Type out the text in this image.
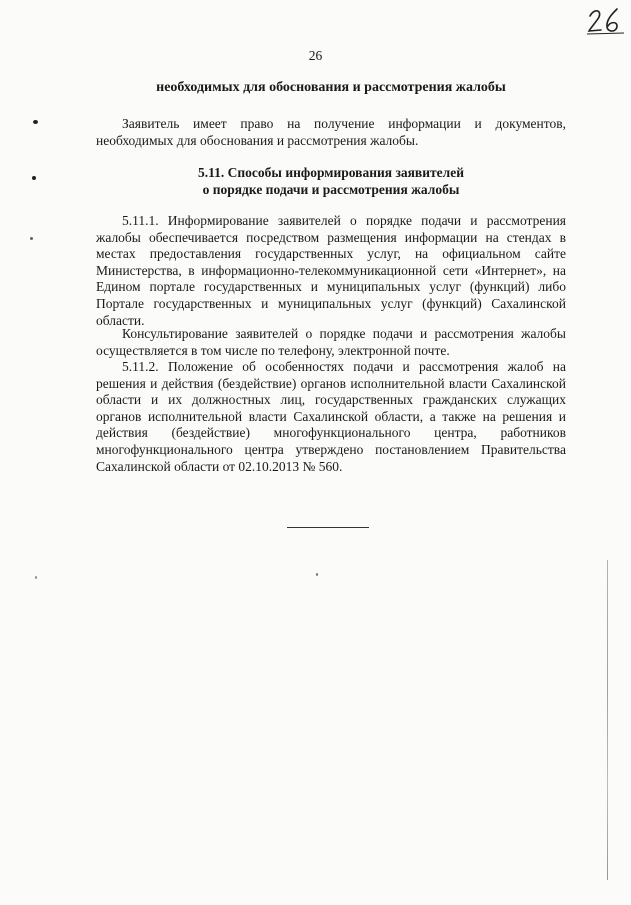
26
необходимых для обоснования и рассмотрения жалобы

Заявитель имеет право на получение информации и документов, необходимых для обоснования и рассмотрения жалобы.

5.11. Способы информирования заявителей
о порядке подачи и рассмотрения жалобы

5.11.1. Информирование заявителей о порядке подачи и рассмотрения жалобы обеспечивается посредством размещения информации на стендах в местах предоставления государственных услуг, на официальном сайте Министерства, в информационно-телекоммуникационной сети «Интернет», на Едином портале государственных и муниципальных услуг (функций) либо Портале государственных и муниципальных услуг (функций) Сахалинской области.

Консультирование заявителей о порядке подачи и рассмотрения жалобы осуществляется в том числе по телефону, электронной почте.

5.11.2. Положение об особенностях подачи и рассмотрения жалоб на решения и действия (бездействие) органов исполнительной власти Сахалинской области и их должностных лиц, государственных гражданских служащих органов исполнительной власти Сахалинской области, а также на решения и действия (бездействие) многофункционального центра, работников многофункционального центра утверждено постановлением Правительства Сахалинской области от 02.10.2013 № 560.
